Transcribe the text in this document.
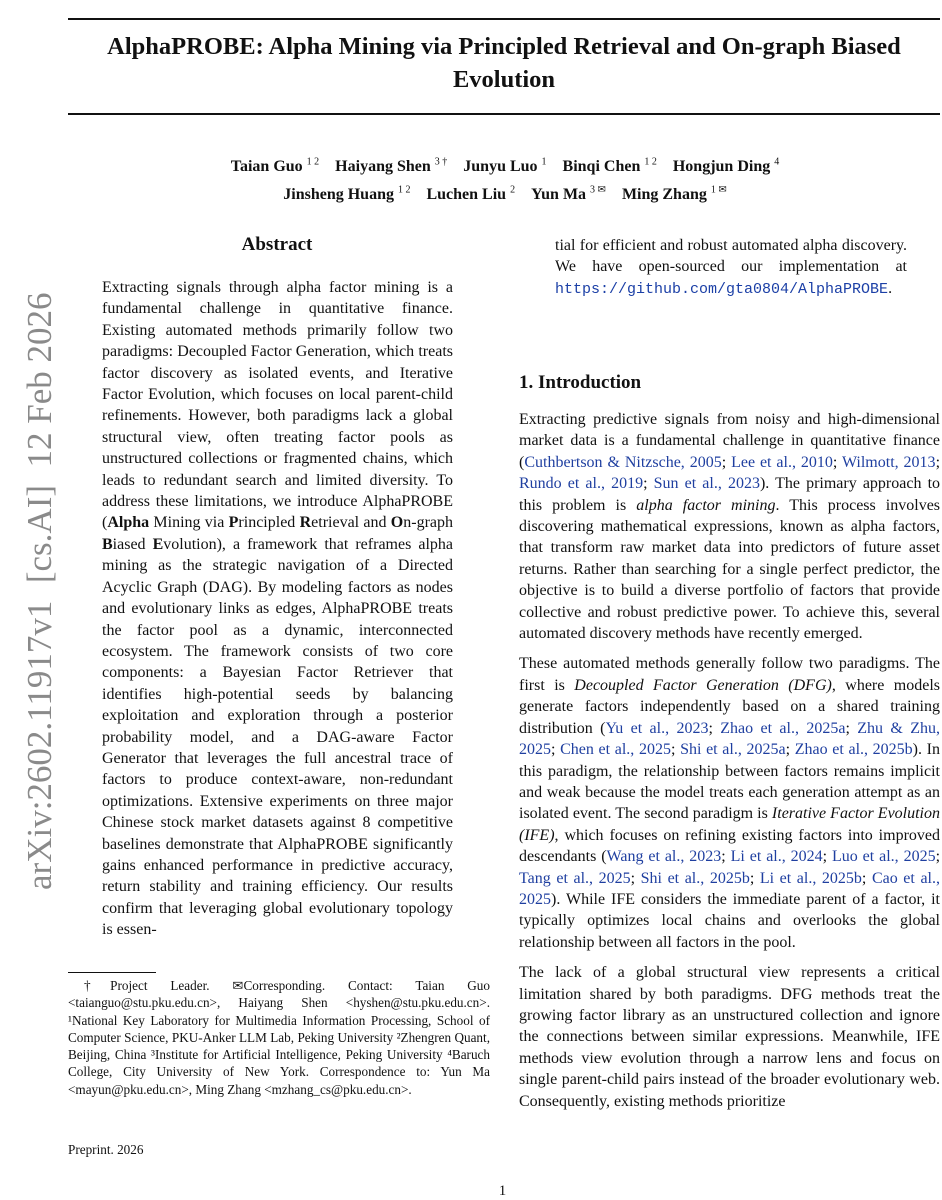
arXiv:2602.11917v1  [cs.AI]  12 Feb 2026
AlphaPROBE: Alpha Mining via Principled Retrieval and On-graph Biased Evolution
Taian Guo $^{1 2}$ Haiyang Shen $^{3 \dagger}$ Junyu Luo $^1$ Binqi Chen $^{1 2}$ Hongjun Ding $^4$
Jinsheng Huang $^{1 2}$ Luchen Liu $^2$ Yun Ma $^{3 ✉}$ Ming Zhang $^{1 ✉}$
Abstract

Extracting signals through alpha factor mining is a fundamental challenge in quantitative finance. Existing automated methods primarily follow two paradigms: Decoupled Factor Generation, which treats factor discovery as isolated events, and Iterative Factor Evolution, which focuses on local parent-child refinements. However, both paradigms lack a global structural view, often treating factor pools as unstructured collections or fragmented chains, which leads to redundant search and limited diversity. To address these limitations, we introduce AlphaPROBE (Alpha Mining via Principled Retrieval and On-graph Biased Evolution), a framework that reframes alpha mining as the strategic navigation of a Directed Acyclic Graph (DAG). By modeling factors as nodes and evolutionary links as edges, AlphaPROBE treats the factor pool as a dynamic, interconnected ecosystem. The framework consists of two core components: a Bayesian Factor Retriever that identifies high-potential seeds by balancing exploitation and exploration through a posterior probability model, and a DAG-aware Factor Generator that leverages the full ancestral trace of factors to produce context-aware, non-redundant optimizations. Extensive experiments on three major Chinese stock market datasets against 8 competitive baselines demonstrate that AlphaPROBE significantly gains enhanced performance in predictive accuracy, return stability and training efficiency. Our results confirm that leveraging global evolutionary topology is essen-

tial for efficient and robust automated alpha discovery. We have open-sourced our implementation at https://github.com/gta0804/AlphaPROBE.

1. Introduction

Extracting predictive signals from noisy and high-dimensional market data is a fundamental challenge in quantitative finance (Cuthbertson & Nitzsche, 2005; Lee et al., 2010; Wilmott, 2013; Rundo et al., 2019; Sun et al., 2023). The primary approach to this problem is alpha factor mining. This process involves discovering mathematical expressions, known as alpha factors, that transform raw market data into predictors of future asset returns. Rather than searching for a single perfect predictor, the objective is to build a diverse portfolio of factors that provide collective and robust predictive power. To achieve this, several automated discovery methods have recently emerged.

These automated methods generally follow two paradigms. The first is Decoupled Factor Generation (DFG), where models generate factors independently based on a shared training distribution (Yu et al., 2023; Zhao et al., 2025a; Zhu & Zhu, 2025; Chen et al., 2025; Shi et al., 2025a; Zhao et al., 2025b). In this paradigm, the relationship between factors remains implicit and weak because the model treats each generation attempt as an isolated event. The second paradigm is Iterative Factor Evolution (IFE), which focuses on refining existing factors into improved descendants (Wang et al., 2023; Li et al., 2024; Luo et al., 2025; Tang et al., 2025; Shi et al., 2025b; Li et al., 2025b; Cao et al., 2025). While IFE considers the immediate parent of a factor, it typically optimizes local chains and overlooks the global relationship between all factors in the pool.

The lack of a global structural view represents a critical limitation shared by both paradigms. DFG methods treat the growing factor library as an unstructured collection and ignore the connections between similar expressions. Meanwhile, IFE methods view evolution through a narrow lens and focus on single parent-child pairs instead of the broader evolutionary web. Consequently, existing methods prioritize

†Project Leader. ✉Corresponding. Contact: Taian Guo <taianguo@stu.pku.edu.cn>, Haiyang Shen <hyshen@stu.pku.edu.cn>. ¹National Key Laboratory for Multimedia Information Processing, School of Computer Science, PKU-Anker LLM Lab, Peking University ²Zhengren Quant, Beijing, China ³Institute for Artificial Intelligence, Peking University ⁴Baruch College, City University of New York. Correspondence to: Yun Ma <mayun@pku.edu.cn>, Ming Zhang <mzhang_cs@pku.edu.cn>.

Preprint. 2026
1
